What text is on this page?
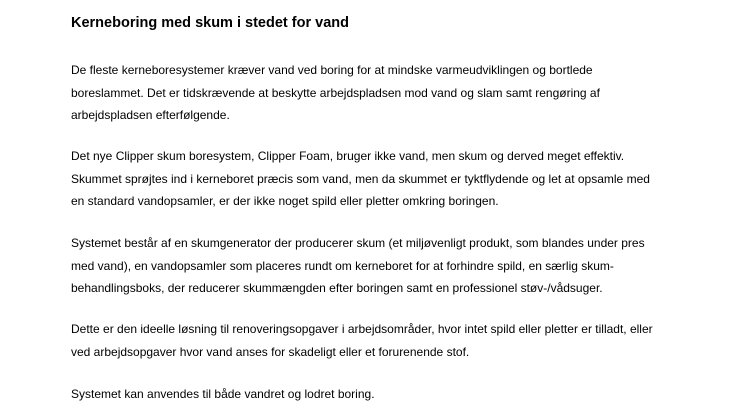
Kerneboring med skum i stedet for vand

De fleste kerneboresystemer kræver vand ved boring for at mindske varmeudviklingen og bortlede
boreslammet. Det er tidskrævende at beskytte arbejdspladsen mod vand og slam samt rengøring af
arbejdspladsen efterfølgende.

Det nye Clipper skum boresystem, Clipper Foam, bruger ikke vand, men skum og derved meget effektiv.
Skummet sprøjtes ind i kerneboret præcis som vand, men da skummet er tyktflydende og let at opsamle med
en standard vandopsamler, er der ikke noget spild eller pletter omkring boringen.

Systemet består af en skumgenerator der producerer skum (et miljøvenligt produkt, som blandes under pres
med vand), en vandopsamler som placeres rundt om kerneboret for at forhindre spild, en særlig skum-
behandlingsboks, der reducerer skummængden efter boringen samt en professionel støv-/vådsuger.

Dette er den ideelle løsning til renoveringsopgaver i arbejdsområder, hvor intet spild eller pletter er tilladt, eller
ved arbejdsopgaver hvor vand anses for skadeligt eller et forurenende stof.

Systemet kan anvendes til både vandret og lodret boring.
